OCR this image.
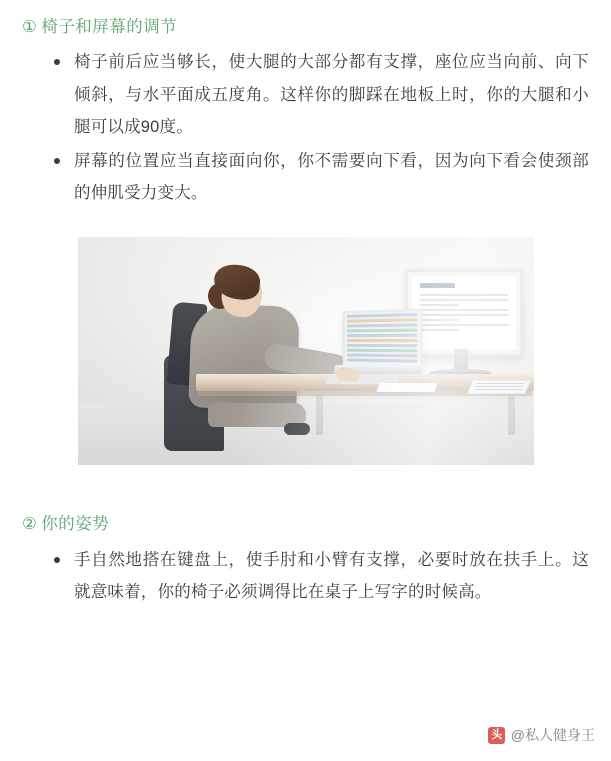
① 椅子和屏幕的调节
椅子前后应当够长，使大腿的大部分都有支撑，座位应当向前、向下倾斜，与水平面成五度角。这样你的脚踩在地板上时，你的大腿和小腿可以成90度。
屏幕的位置应当直接面向你，你不需要向下看，因为向下看会使颈部的伸肌受力变大。
② 你的姿势
手自然地搭在键盘上，使手肘和小臂有支撑，必要时放在扶手上。这就意味着，你的椅子必须调得比在桌子上写字的时候高。
头条
@私人健身王
